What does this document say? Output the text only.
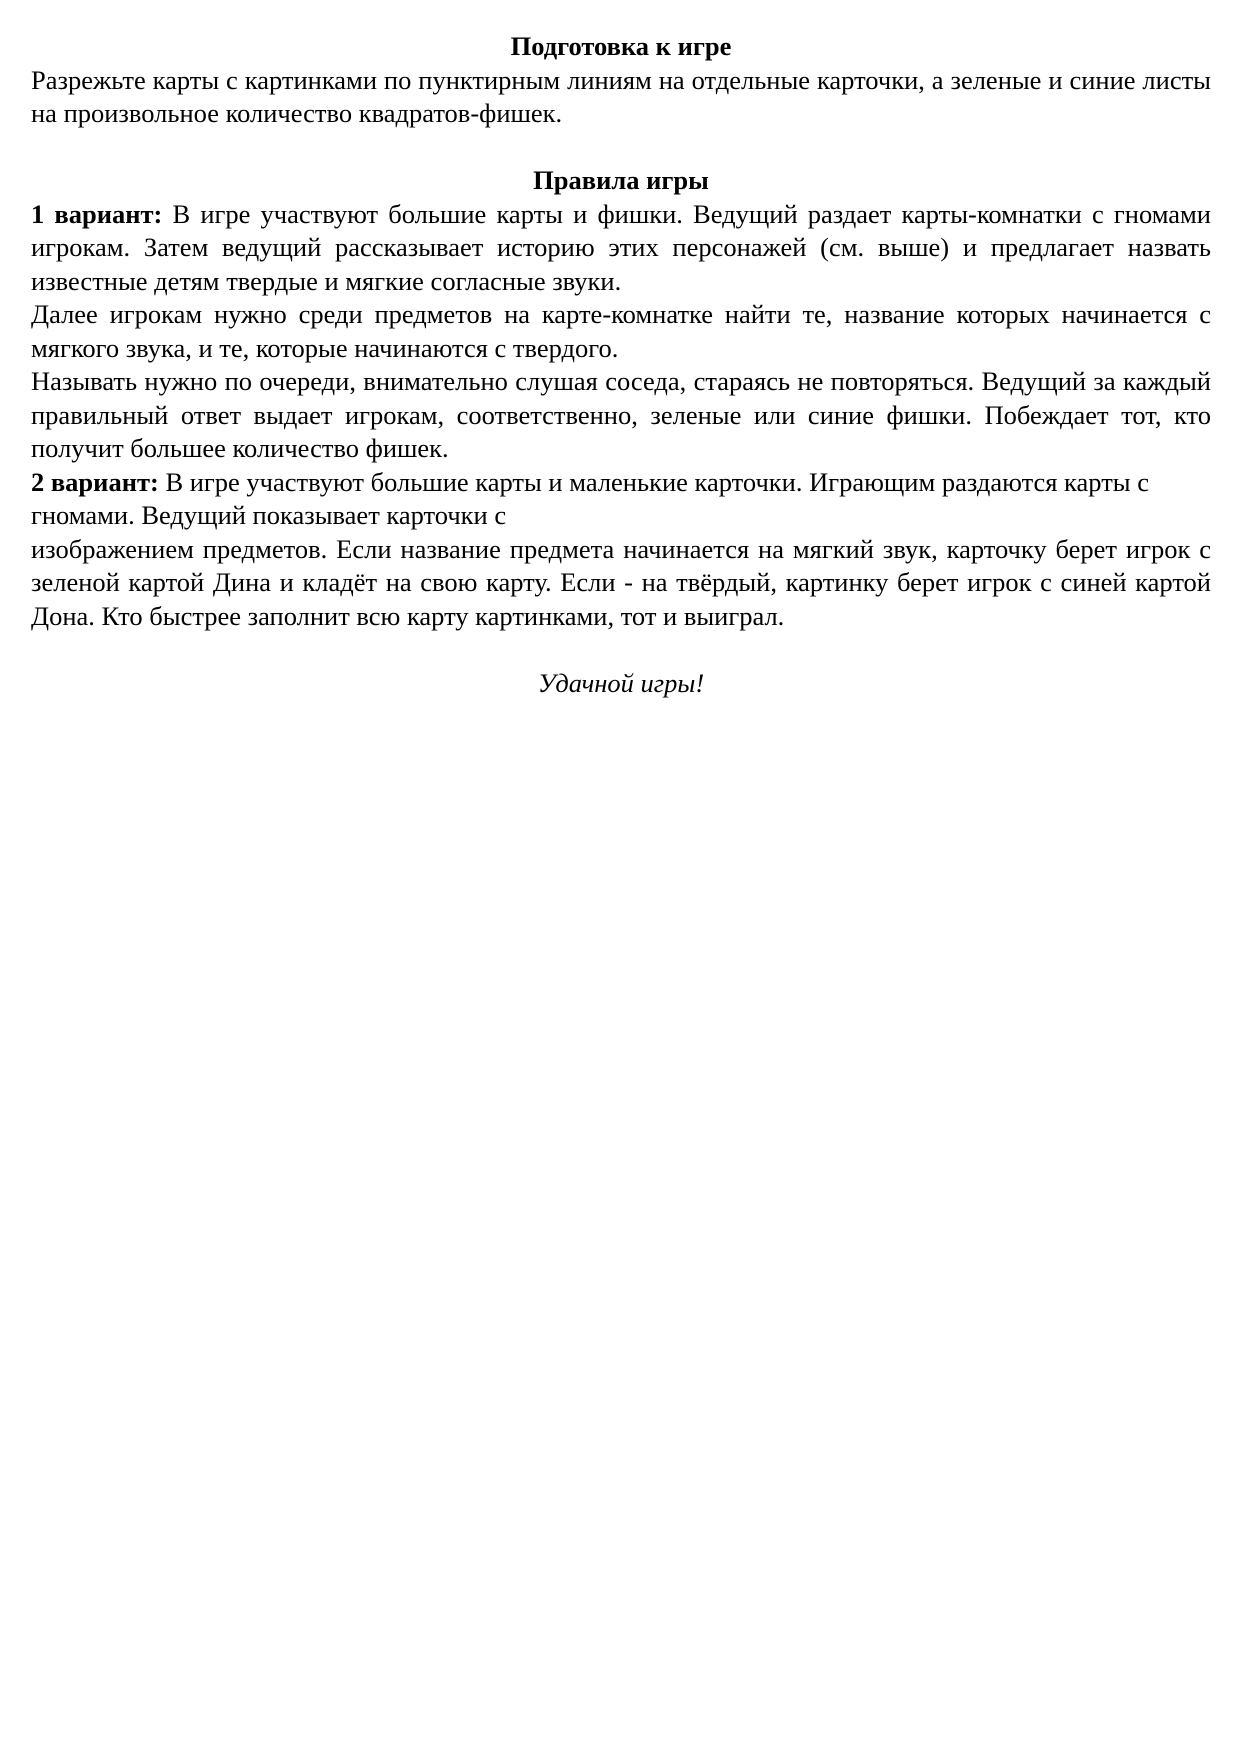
Подготовка к игре

Разрежьте карты с картинками по пунктирным линиям на отдельные карточки, а зеленые и синие листы на произвольное количество квадратов-фишек.

Правила игры

1 вариант: В игре участвуют большие карты и фишки. Ведущий раздает карты-комнатки с гномами игрокам. Затем ведущий рассказывает историю этих персонажей (см. выше) и предлагает назвать известные детям твердые и мягкие согласные звуки.

Далее игрокам нужно среди предметов на карте-комнатке найти те, название которых начинается с мягкого звука, и те, которые начинаются с твердого.

Называть нужно по очереди, внимательно слушая соседа, стараясь не повторяться. Ведущий за каждый правильный ответ выдает игрокам, соответственно, зеленые или синие фишки. Побеждает тот, кто получит большее количество фишек.

2 вариант: В игре участвуют большие карты и маленькие карточки. Играющим раздаются карты с гномами. Ведущий показывает карточки с

изображением предметов. Если название предмета начинается на мягкий звук, карточку берет игрок с зеленой картой Дина и кладёт на свою карту. Если - на твёрдый, картинку берет игрок с синей картой Дона. Кто быстрее заполнит всю карту картинками, тот и выиграл.

Удачной игры!
